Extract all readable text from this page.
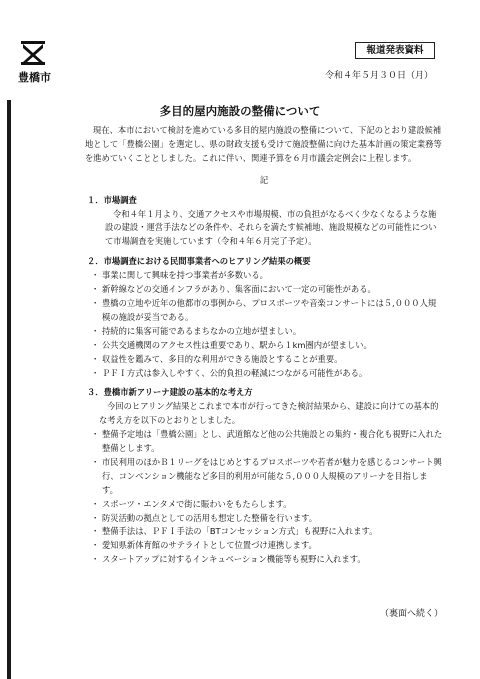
豊橋市
報道発表資料
令和４年５月３０日（月）
多目的屋内施設の整備について

現在、本市において検討を進めている多目的屋内施設の整備について、下記のとおり建設候補地として「豊橋公園」を選定し、県の財政支援も受けて施設整備に向けた基本計画の策定業務等を進めていくこととしました。これに伴い、関連予算を６月市議会定例会に上程します。

記
１．市場調査

令和４年１月より、交通アクセスや市場規模、市の負担がなるべく少なくなるような施設の建設・運営手法などの条件や、それらを満たす候補地、施設規模などの可能性について市場調査を実施しています（令和４年６月完了予定）。

２．市場調査における民間事業者へのヒアリング結果の概要
・ 事業に関して興味を持つ事業者が多数いる。
・ 新幹線などの交通インフラがあり、集客面において一定の可能性がある。
・ 豊橋の立地や近年の他都市の事例から、プロスポーツや音楽コンサートには５,０００人規模の施設が妥当である。
・ 持続的に集客可能であるまちなかの立地が望ましい。
・ 公共交通機関のアクセス性は重要であり、駅から１km圏内が望ましい。
・ 収益性を鑑みて、多目的な利用ができる施設とすることが重要。
・ ＰＦＩ方式は参入しやすく、公的負担の軽減につながる可能性がある。
３．豊橋市新アリーナ建設の基本的な考え方

今回のヒアリング結果とこれまで本市が行ってきた検討結果から、建設に向けての基本的な考え方を以下のとおりとしました。

・ 整備予定地は「豊橋公園」とし、武道館など他の公共施設との集約・複合化も視野に入れた整備とします。
・ 市民利用のほかＢ１リーグをはじめとするプロスポーツや若者が魅力を感じるコンサート興行、コンベンション機能など多目的利用が可能な５,０００人規模のアリーナを目指します。
・ スポーツ・エンタメで街に賑わいをもたらします。
・ 防災活動の拠点としての活用も想定した整備を行います。
・ 整備手法は、ＰＦＩ手法の「BTコンセッション方式」も視野に入れます。
・ 愛知県新体育館のサテライトとして位置づけ連携します。
・ スタートアップに対するインキュベーション機能等も視野に入れます。
（裏面へ続く）
